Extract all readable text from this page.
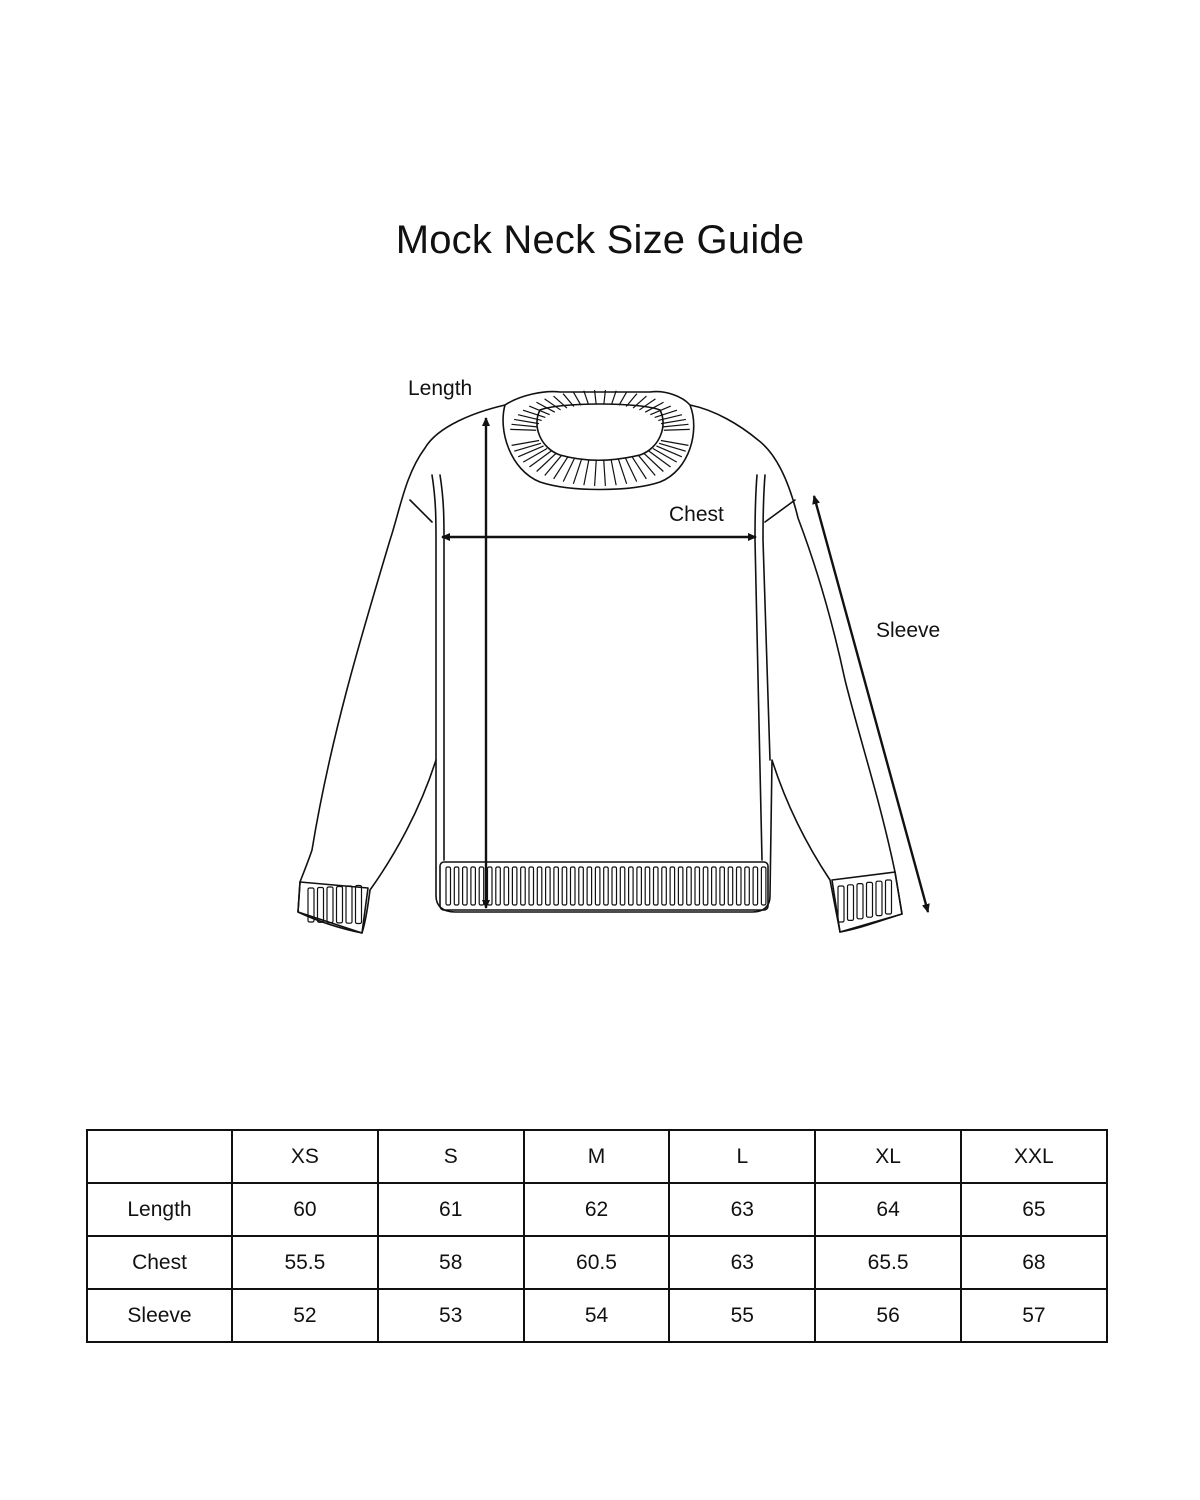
Mock Neck Size Guide
Length
Chest
Sleeve
	XS	S	M	L	XL	XXL
Length	60	61	62	63	64	65
Chest	55.5	58	60.5	63	65.5	68
Sleeve	52	53	54	55	56	57
